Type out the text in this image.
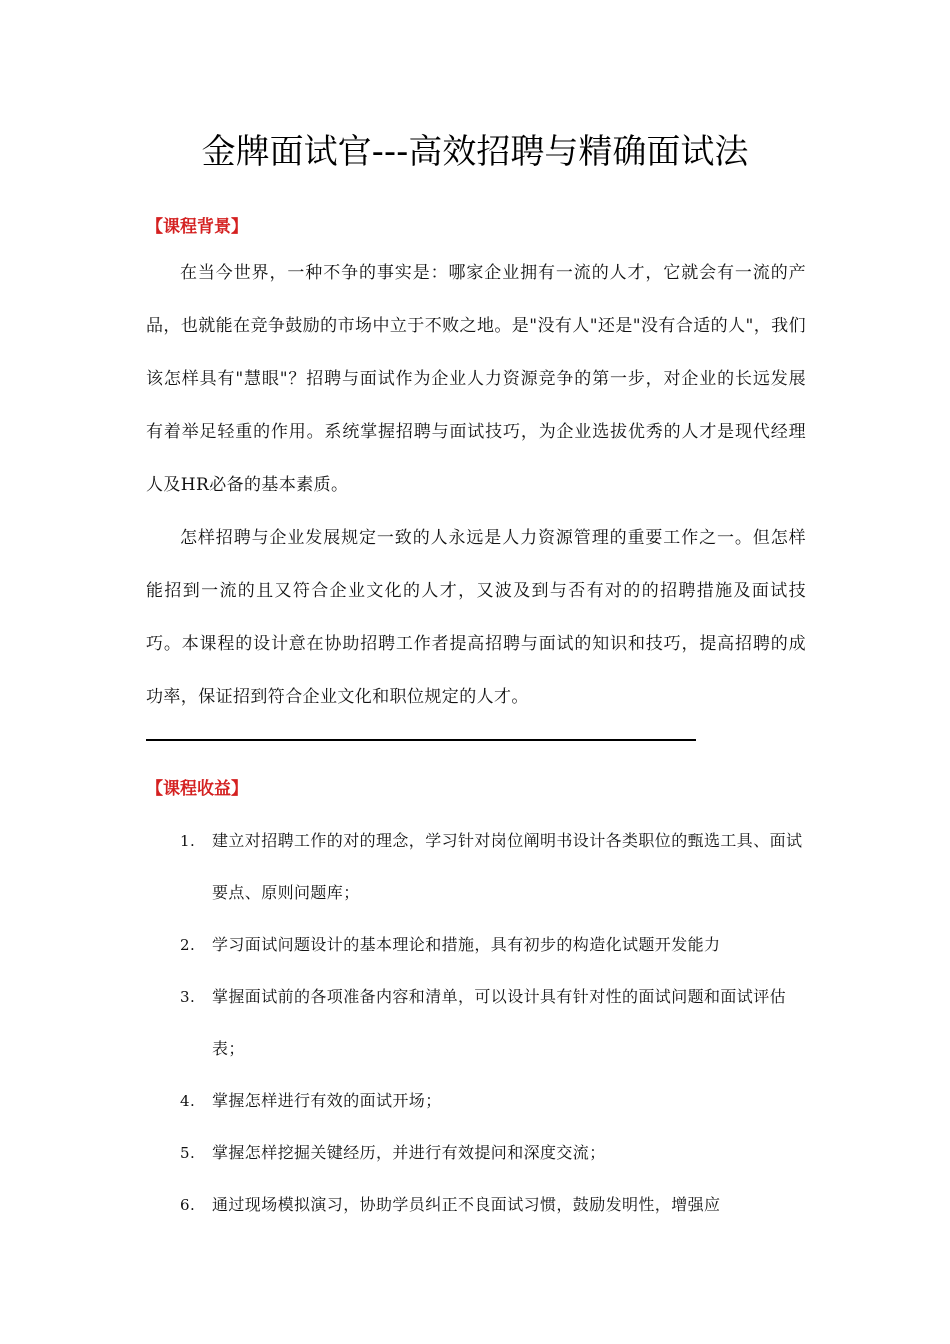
金牌面试官---高效招聘与精确面试法
【课程背景】
在当今世界，一种不争的事实是：哪家企业拥有一流的人才，它就会有一流的产品，也就能在竞争鼓励的市场中立于不败之地。是"没有人"还是"没有合适的人"，我们该怎样具有"慧眼"？招聘与面试作为企业人力资源竞争的第一步，对企业的长远发展有着举足轻重的作用。系统掌握招聘与面试技巧，为企业选拔优秀的人才是现代经理人及HR必备的基本素质。
怎样招聘与企业发展规定一致的人永远是人力资源管理的重要工作之一。但怎样能招到一流的且又符合企业文化的人才，又波及到与否有对的的招聘措施及面试技巧。本课程的设计意在协助招聘工作者提高招聘与面试的知识和技巧，提高招聘的成功率，保证招到符合企业文化和职位规定的人才。
【课程收益】
1. 建立对招聘工作的对的理念，学习针对岗位阐明书设计各类职位的甄选工具、面试要点、原则问题库；
2. 学习面试问题设计的基本理论和措施，具有初步的构造化试题开发能力
3. 掌握面试前的各项准备内容和清单，可以设计具有针对性的面试问题和面试评估表；
4. 掌握怎样进行有效的面试开场；
5. 掌握怎样挖掘关键经历，并进行有效提问和深度交流；
6. 通过现场模拟演习，协助学员纠正不良面试习惯，鼓励发明性，增强应
